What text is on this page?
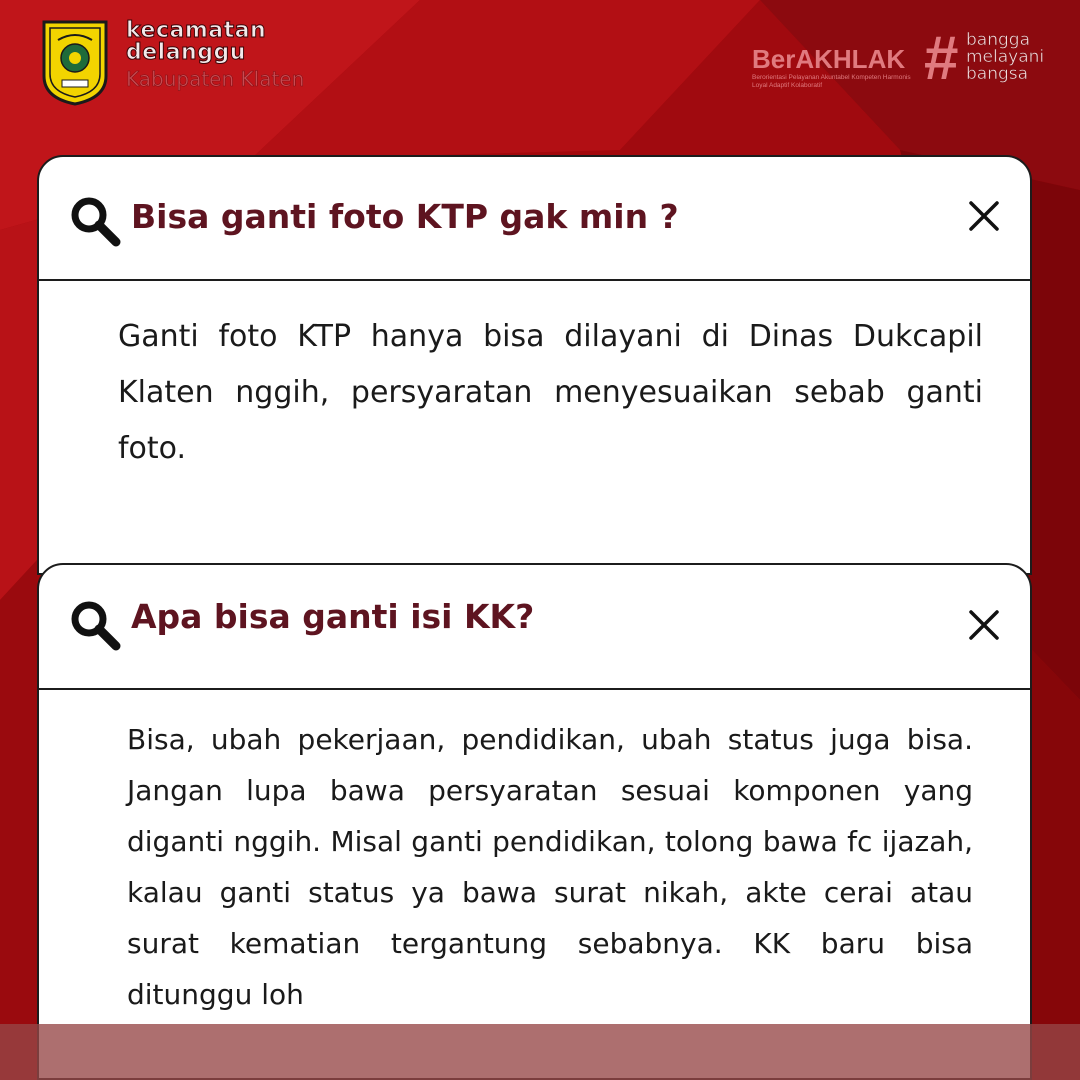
kecamatan
delanggu
Kabupaten Klaten
BerAKHLAK
Berorientasi Pelayanan Akuntabel Kompeten Harmonis Loyal Adaptif Kolaboratif	# bangga
melayani
bangsa
Bisa ganti foto KTP gak min ?
Ganti foto KTP hanya bisa dilayani di Dinas Dukcapil Klaten nggih, persyaratan menyesuaikan sebab ganti foto.
Apa bisa ganti isi KK?
Bisa, ubah pekerjaan, pendidikan, ubah status juga bisa. Jangan lupa bawa persyaratan sesuai komponen yang diganti nggih. Misal ganti pendidikan, tolong bawa fc ijazah, kalau ganti status ya bawa surat nikah, akte cerai atau surat kematian tergantung sebabnya. KK baru bisa ditunggu loh
